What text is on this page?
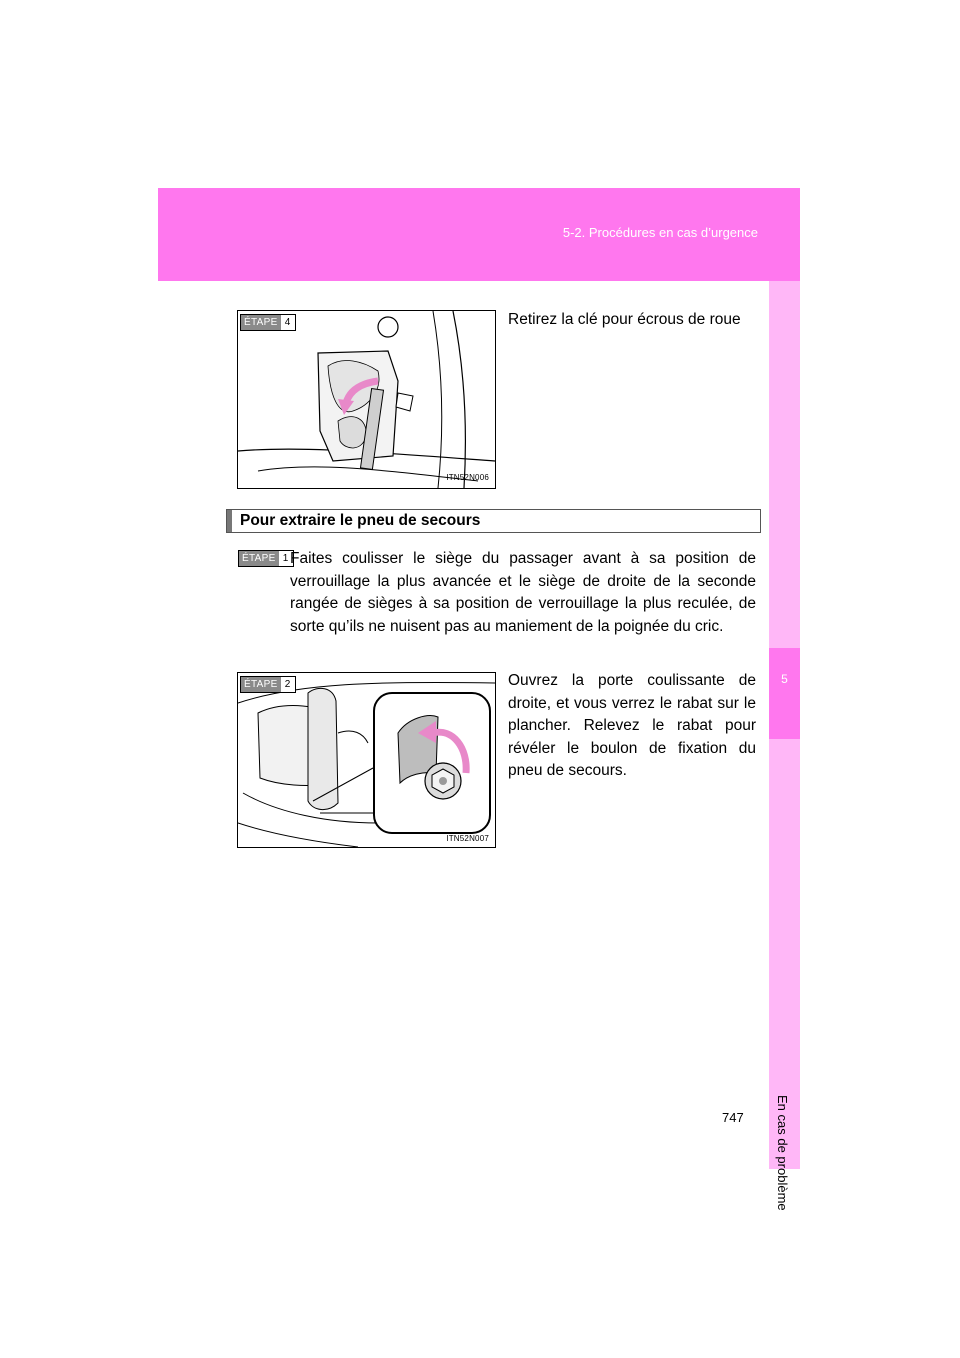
5-2. Procédures en cas d’urgence
En cas de problème
5
ÉTAPE 4
ITN52N006
Retirez la clé pour écrous de roue
Pour extraire le pneu de secours
ÉTAPE 1 Faites coulisser le siège du passager avant à sa position de verrouillage la plus avancée et le siège de droite de la seconde rangée de sièges à sa position de verrouillage la plus reculée, de sorte qu’ils ne nuisent pas au maniement de la poignée du cric.
ÉTAPE 2
ITN52N007
Ouvrez la porte coulissante de droite, et vous verrez le rabat sur le plancher. Relevez le rabat pour révéler le boulon de fixation du pneu de secours.
747
